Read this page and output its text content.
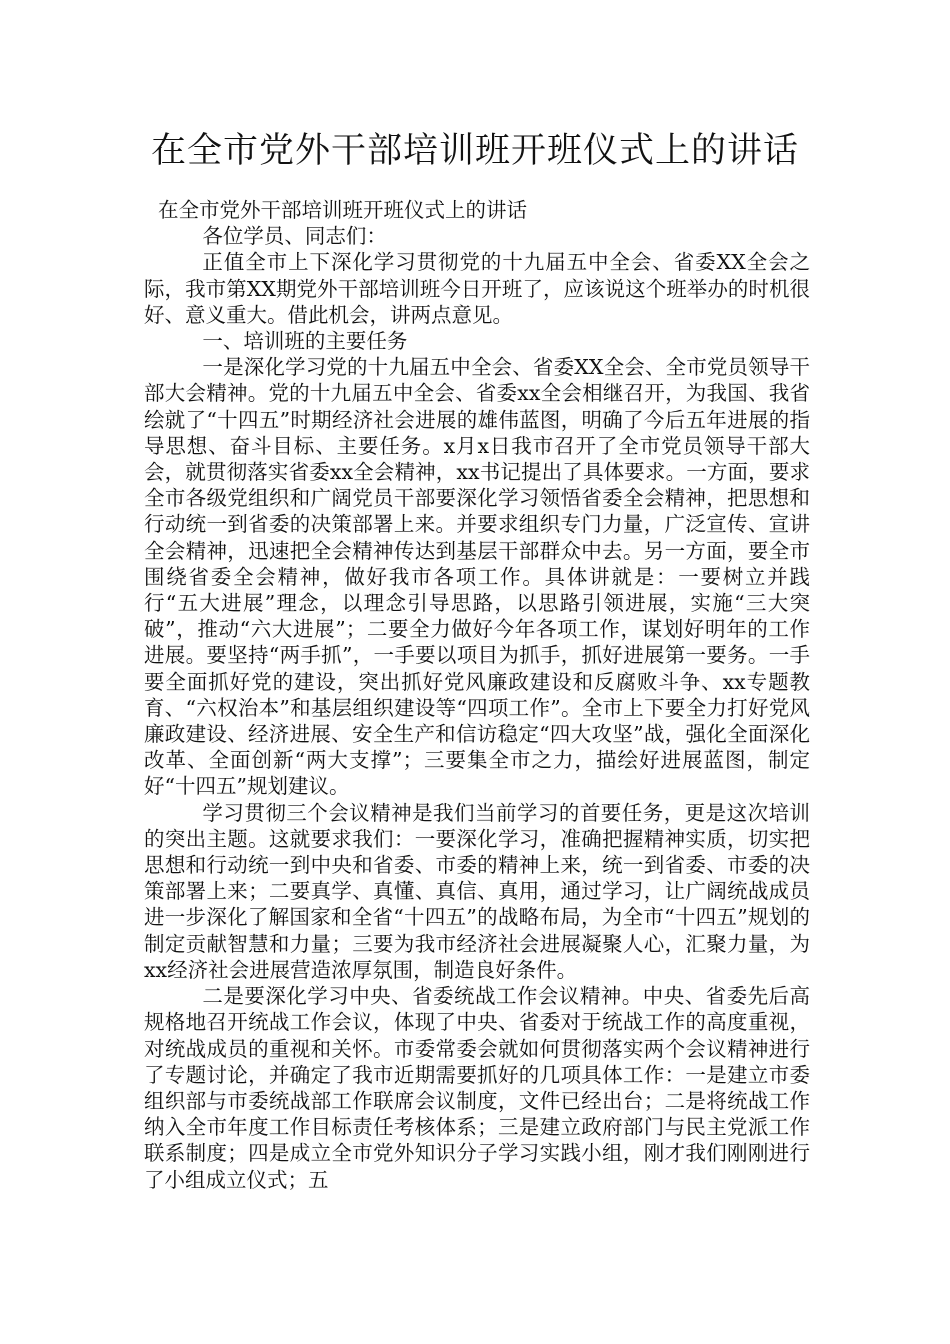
在全市党外干部培训班开班仪式上的讲话

在全市党外干部培训班开班仪式上的讲话

各位学员、同志们：

正值全市上下深化学习贯彻党的十九届五中全会、省委XX全会之际，我市第XX期党外干部培训班今日开班了，应该说这个班举办的时机很好、意义重大。借此机会，讲两点意见。

一、培训班的主要任务

一是深化学习党的十九届五中全会、省委XX全会、全市党员领导干部大会精神。党的十九届五中全会、省委xx全会相继召开，为我国、我省绘就了“十四五”时期经济社会进展的雄伟蓝图，明确了今后五年进展的指导思想、奋斗目标、主要任务。x月x日我市召开了全市党员领导干部大会，就贯彻落实省委xx全会精神，xx书记提出了具体要求。一方面，要求全市各级党组织和广阔党员干部要深化学习领悟省委全会精神，把思想和行动统一到省委的决策部署上来。并要求组织专门力量，广泛宣传、宣讲全会精神，迅速把全会精神传达到基层干部群众中去。另一方面，要全市围绕省委全会精神，做好我市各项工作。具体讲就是：一要树立并践行“五大进展”理念，以理念引导思路，以思路引领进展，实施“三大突破”，推动“六大进展”；二要全力做好今年各项工作，谋划好明年的工作进展。要坚持“两手抓”，一手要以项目为抓手，抓好进展第一要务。一手要全面抓好党的建设，突出抓好党风廉政建设和反腐败斗争、xx专题教育、“六权治本”和基层组织建设等“四项工作”。全市上下要全力打好党风廉政建设、经济进展、安全生产和信访稳定“四大攻坚”战，强化全面深化改革、全面创新“两大支撑”；三要集全市之力，描绘好进展蓝图，制定好“十四五”规划建议。

学习贯彻三个会议精神是我们当前学习的首要任务，更是这次培训的突出主题。这就要求我们：一要深化学习，准确把握精神实质，切实把思想和行动统一到中央和省委、市委的精神上来，统一到省委、市委的决策部署上来；二要真学、真懂、真信、真用，通过学习，让广阔统战成员进一步深化了解国家和全省“十四五”的战略布局，为全市“十四五”规划的制定贡献智慧和力量；三要为我市经济社会进展凝聚人心，汇聚力量，为xx经济社会进展营造浓厚氛围，制造良好条件。

二是要深化学习中央、省委统战工作会议精神。中央、省委先后高规格地召开统战工作会议，体现了中央、省委对于统战工作的高度重视，对统战成员的重视和关怀。市委常委会就如何贯彻落实两个会议精神进行了专题讨论，并确定了我市近期需要抓好的几项具体工作：一是建立市委组织部与市委统战部工作联席会议制度，文件已经出台；二是将统战工作纳入全市年度工作目标责任考核体系；三是建立政府部门与民主党派工作联系制度；四是成立全市党外知识分子学习实践小组，刚才我们刚刚进行了小组成立仪式；五
